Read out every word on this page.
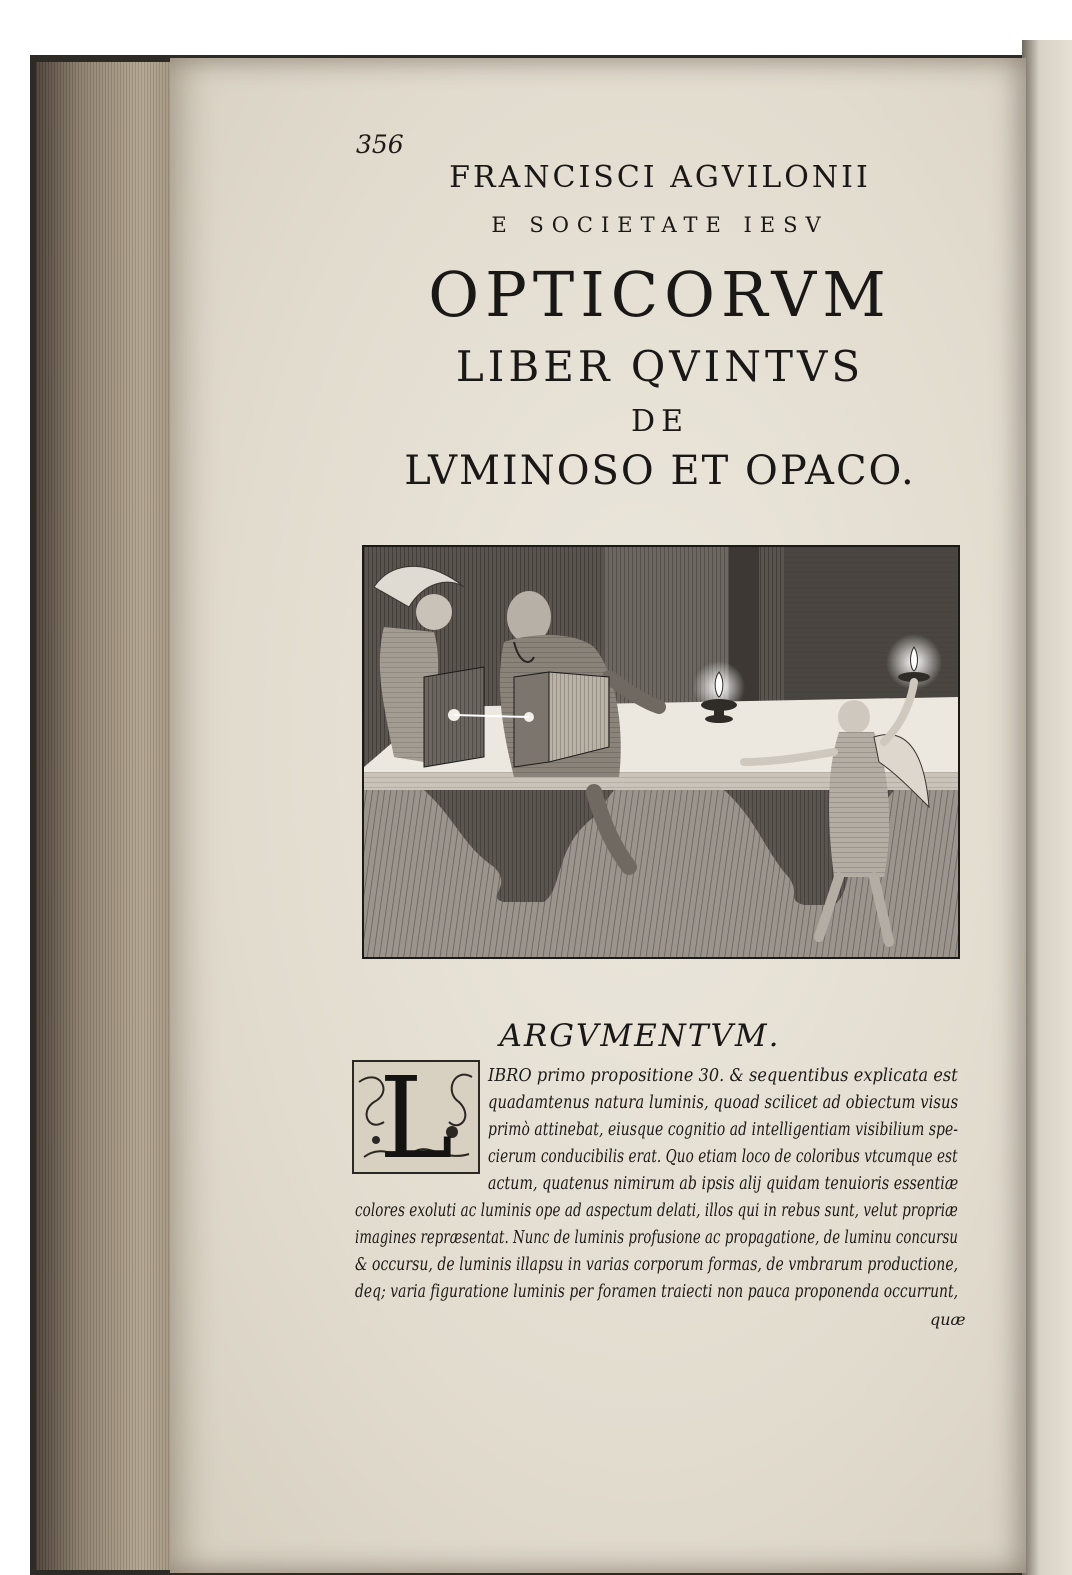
356
FRANCISCI AGVILONII
E SOCIETATE IESV
OPTICORVM
LIBER QVINTVS
DE
LVMINOSO ET OPACO.
ARGVMENTVM.
L	IBRO primo propositione 30. & sequentibus explicata est
quadamtenus natura luminis, quoad scilicet ad obiectum visus
primò attinebat, eiusque cognitio ad intelligentiam visibilium spe-
cierum conducibilis erat. Quo etiam loco de coloribus vtcumque est
actum, quatenus nimirum ab ipsis alij quidam tenuioris essentiæ
colores exoluti ac luminis ope ad aspectum delati, illos qui in rebus sunt, velut propriæ
imagines repræsentat. Nunc de luminis profusione ac propagatione, de luminu concursu
& occursu, de luminis illapsu in varias corporum formas, de vmbrarum productione,
deq; varia figuratione luminis per foramen traiecti non pauca proponenda occurrunt,
quæ
